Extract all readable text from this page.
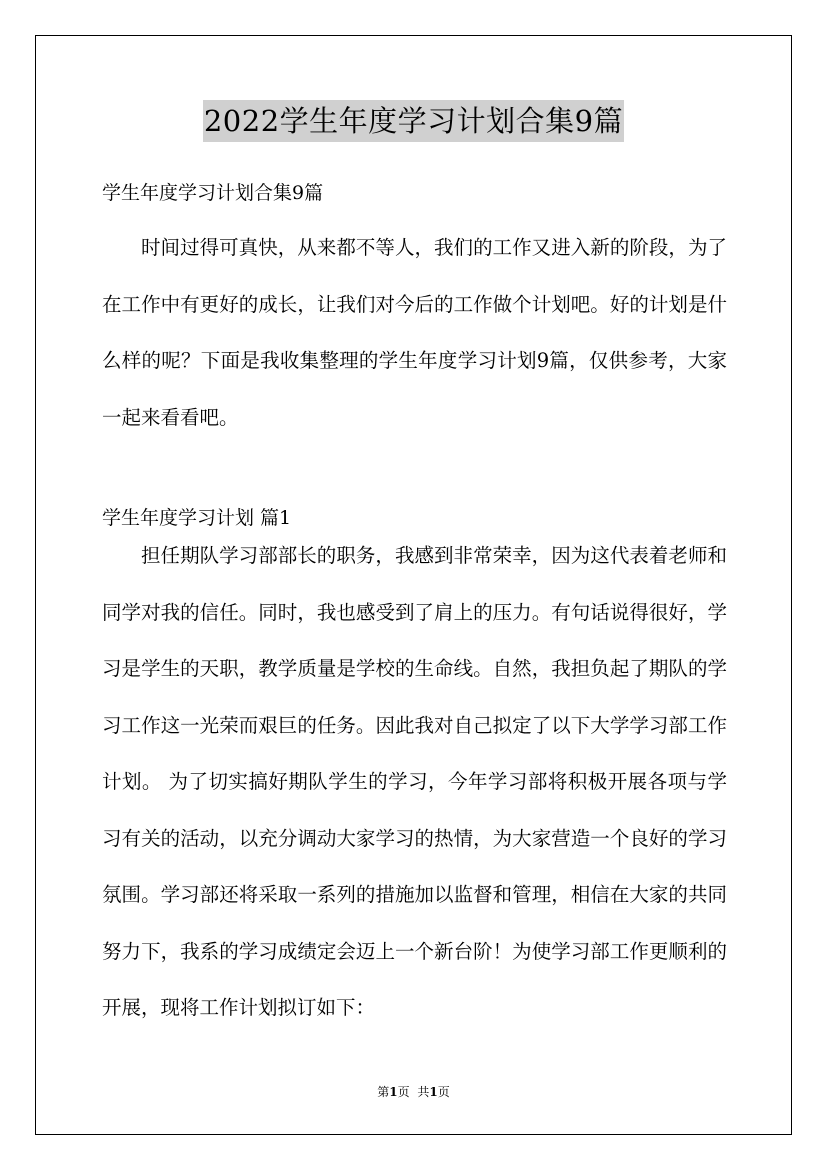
2022学生年度学习计划合集9篇
学生年度学习计划合集9篇

时间过得可真快，从来都不等人，我们的工作又进入新的阶段，为了在工作中有更好的成长，让我们对今后的工作做个计划吧。好的计划是什么样的呢？下面是我收集整理的学生年度学习计划9篇，仅供参考，大家一起来看看吧。

学生年度学习计划 篇1

担任期队学习部部长的职务，我感到非常荣幸，因为这代表着老师和同学对我的信任。同时，我也感受到了肩上的压力。有句话说得很好，学习是学生的天职，教学质量是学校的生命线。自然，我担负起了期队的学习工作这一光荣而艰巨的任务。因此我对自己拟定了以下大学学习部工作计划。 为了切实搞好期队学生的学习，今年学习部将积极开展各项与学习有关的活动，以充分调动大家学习的热情，为大家营造一个良好的学习氛围。学习部还将采取一系列的措施加以监督和管理，相信在大家的共同努力下，我系的学习成绩定会迈上一个新台阶！为使学习部工作更顺利的开展，现将工作计划拟订如下：

第1页 共1页
